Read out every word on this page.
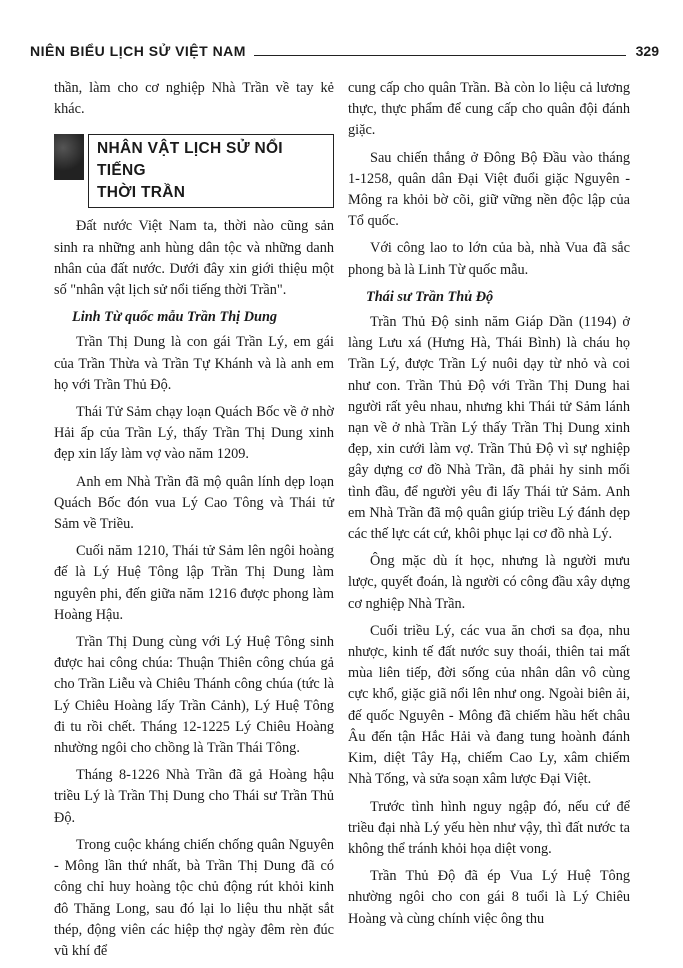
NIÊN BIỂU LỊCH SỬ VIỆT NAM	329

thần, làm cho cơ nghiệp Nhà Trần về tay kẻ khác.

NHÂN VẬT LỊCH SỬ NỔI TIẾNG
THỜI TRẦN

Đất nước Việt Nam ta, thời nào cũng sản sinh ra những anh hùng dân tộc và những danh nhân của đất nước. Dưới đây xin giới thiệu một số "nhân vật lịch sử nổi tiếng thời Trần".

Linh Từ quốc mẫu Trần Thị Dung

Trần Thị Dung là con gái Trần Lý, em gái của Trần Thừa và Trần Tự Khánh và là anh em họ với Trần Thủ Độ.

Thái Tử Sảm chạy loạn Quách Bốc về ở nhờ Hải ấp của Trần Lý, thấy Trần Thị Dung xinh đẹp xin lấy làm vợ vào năm 1209.

Anh em Nhà Trần đã mộ quân lính dẹp loạn Quách Bốc đón vua Lý Cao Tông và Thái tử Sảm về Triều.

Cuối năm 1210, Thái tử Sảm lên ngôi hoàng đế là Lý Huệ Tông lập Trần Thị Dung làm nguyên phi, đến giữa năm 1216 được phong làm Hoàng Hậu.

Trần Thị Dung cùng với Lý Huệ Tông sinh được hai công chúa: Thuận Thiên công chúa gả cho Trần Liễu và Chiêu Thánh công chúa (tức là Lý Chiêu Hoàng lấy Trần Cảnh), Lý Huệ Tông đi tu rồi chết. Tháng 12-1225 Lý Chiêu Hoàng nhường ngôi cho chồng là Trần Thái Tông.

Tháng 8-1226 Nhà Trần đã gả Hoàng hậu triều Lý là Trần Thị Dung cho Thái sư Trần Thủ Độ.

Trong cuộc kháng chiến chống quân Nguyên - Mông lần thứ nhất, bà Trần Thị Dung đã có công chỉ huy hoàng tộc chủ động rút khỏi kinh đô Thăng Long, sau đó lại lo liệu thu nhặt sắt thép, động viên các hiệp thợ ngày đêm rèn đúc vũ khí để

cung cấp cho quân Trần. Bà còn lo liệu cả lương thực, thực phẩm để cung cấp cho quân đội đánh giặc.

Sau chiến thắng ở Đông Bộ Đầu vào tháng 1-1258, quân dân Đại Việt đuổi giặc Nguyên - Mông ra khỏi bờ cõi, giữ vững nền độc lập của Tổ quốc.

Với công lao to lớn của bà, nhà Vua đã sắc phong bà là Linh Từ quốc mẫu.

Thái sư Trần Thủ Độ

Trần Thủ Độ sinh năm Giáp Dần (1194) ở làng Lưu xá (Hưng Hà, Thái Bình) là cháu họ Trần Lý, được Trần Lý nuôi dạy từ nhỏ và coi như con. Trần Thủ Độ với Trần Thị Dung hai người rất yêu nhau, nhưng khi Thái tử Sảm lánh nạn về ở nhà Trần Lý thấy Trần Thị Dung xinh đẹp, xin cưới làm vợ. Trần Thủ Độ vì sự nghiệp gây dựng cơ đồ Nhà Trần, đã phải hy sinh mối tình đầu, để người yêu đi lấy Thái tử Sảm. Anh em Nhà Trần đã mộ quân giúp triều Lý đánh dẹp các thế lực cát cứ, khôi phục lại cơ đồ nhà Lý.

Ông mặc dù ít học, nhưng là người mưu lược, quyết đoán, là người có công đầu xây dựng cơ nghiệp Nhà Trần.

Cuối triều Lý, các vua ăn chơi sa đọa, nhu nhược, kinh tế đất nước suy thoái, thiên tai mất mùa liên tiếp, đời sống của nhân dân vô cùng cực khổ, giặc giã nổi lên như ong. Ngoài biên ải, đế quốc Nguyên - Mông đã chiếm hầu hết châu Âu đến tận Hắc Hải và đang tung hoành đánh Kim, diệt Tây Hạ, chiếm Cao Ly, xâm chiếm Nhà Tống, và sửa soạn xâm lược Đại Việt.

Trước tình hình nguy ngập đó, nếu cứ để triều đại nhà Lý yếu hèn như vậy, thì đất nước ta không thể tránh khỏi họa diệt vong.

Trần Thủ Độ đã ép Vua Lý Huệ Tông nhường ngôi cho con gái 8 tuổi là Lý Chiêu Hoàng và cùng chính việc ông thu
